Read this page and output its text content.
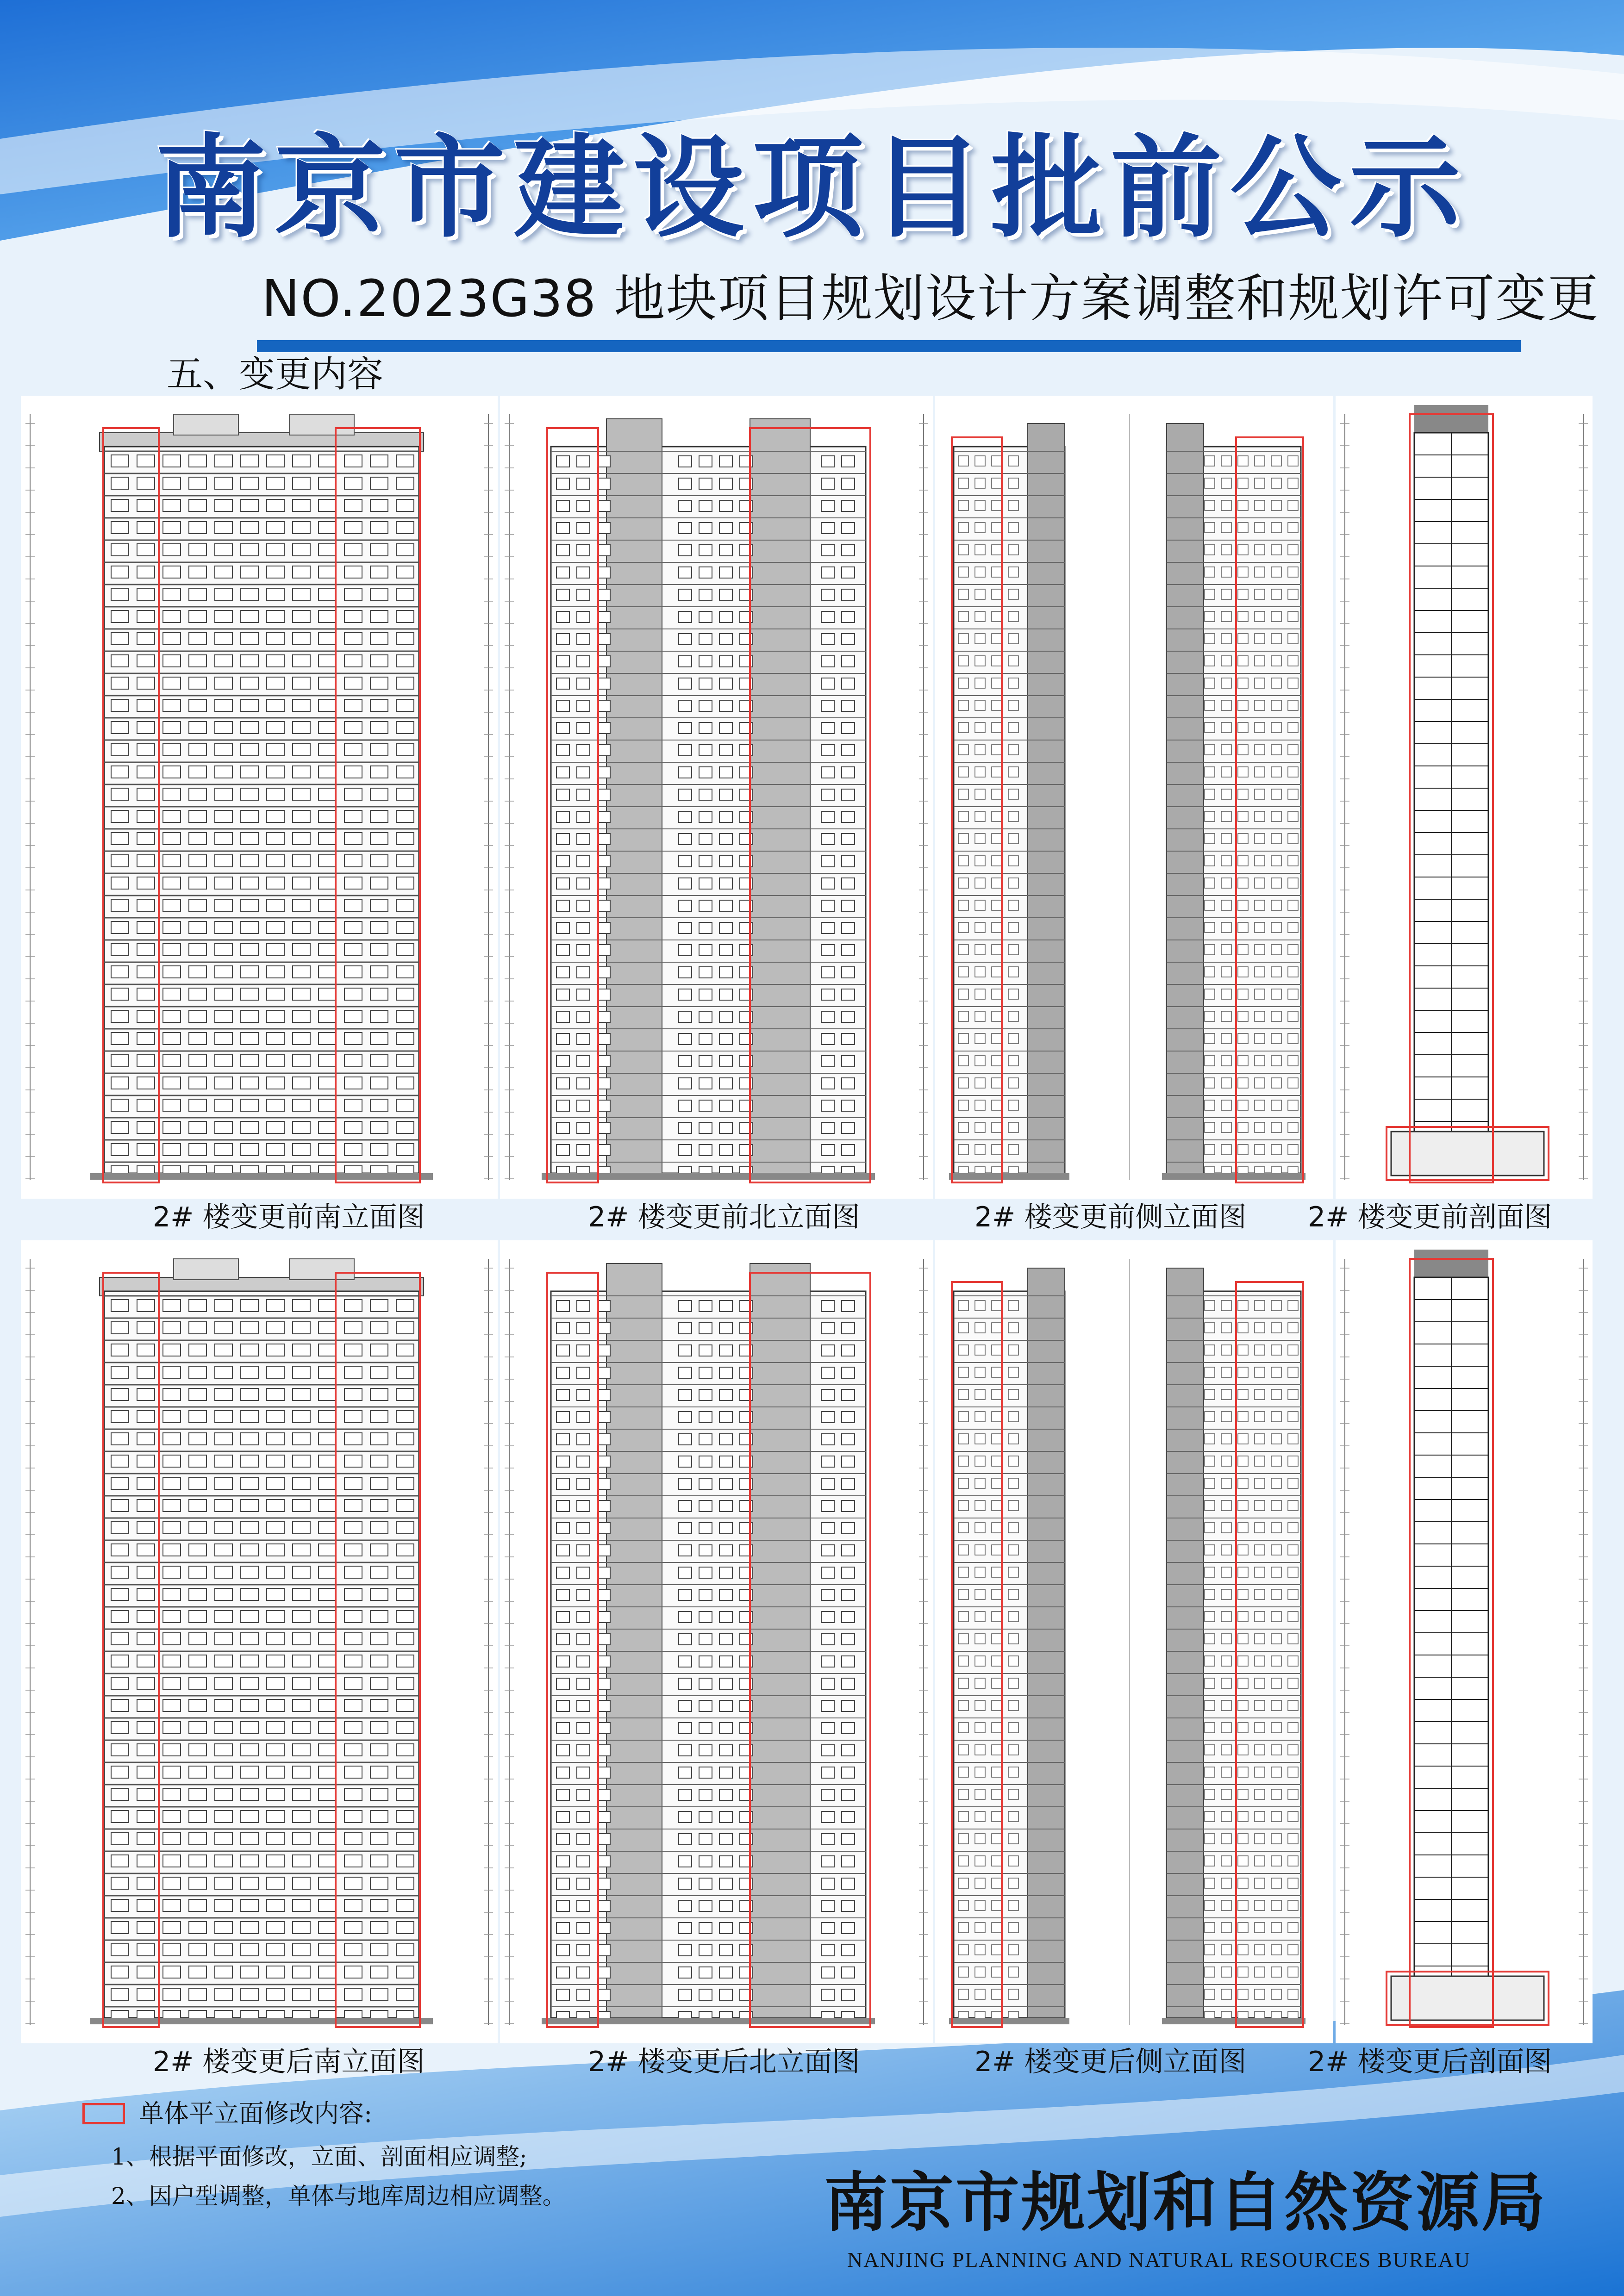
南京市建设项目批前公示
NO.2023G38 地块项目规划设计方案调整和规划许可变更
五、变更内容
2# 楼变更前南立面图	2# 楼变更前北立面图	2# 楼变更前侧立面图 2# 楼变更前剖面图
2# 楼变更后南立面图	2# 楼变更后北立面图	2# 楼变更后侧立面图 2# 楼变更后剖面图
单体平立面修改内容:
1、根据平面修改，立面、剖面相应调整;
2、因户型调整，单体与地库周边相应调整。	南京市规划和自然资源局
NANJING PLANNING AND NATURAL RESOURCES BUREAU
